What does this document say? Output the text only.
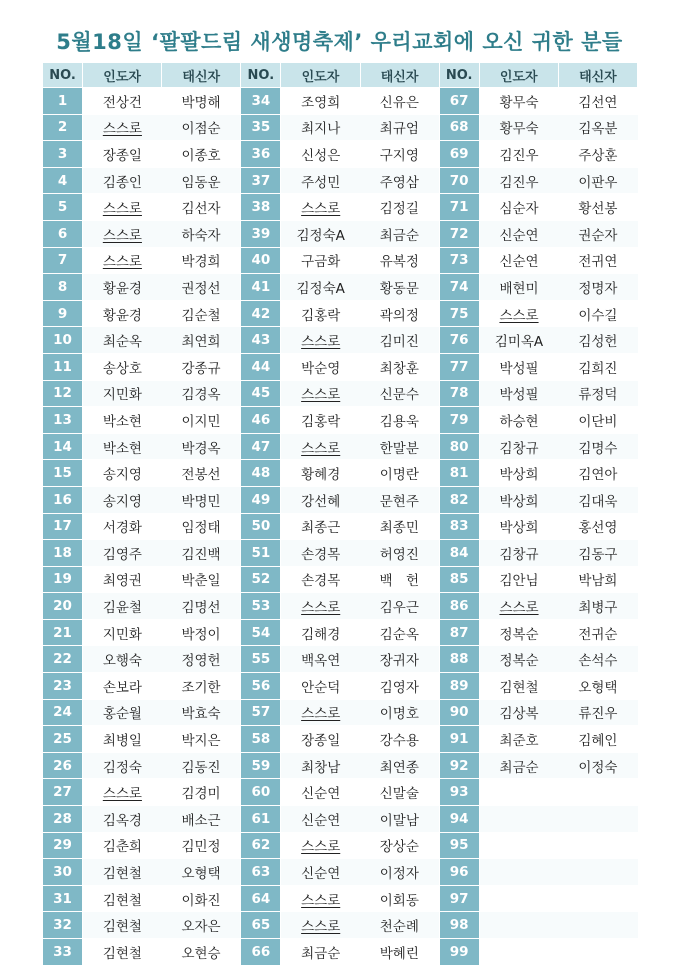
5월18일 ‘팔팔드림 새생명축제’ 우리교회에 오신 귀한 분들
NO.	인도자	태신자	NO.	인도자	태신자	NO.	인도자	태신자
1	전상건	박명해	34	조영희	신유은	67	황무숙	김선연
2	스스로	이점순	35	최지나	최규엄	68	황무숙	김옥분
3	장종일	이종호	36	신성은	구지영	69	김진우	주상훈
4	김종인	임동운	37	주성민	주영삼	70	김진우	이판우
5	스스로	김선자	38	스스로	김정길	71	심순자	황선봉
6	스스로	하숙자	39	김정숙A	최금순	72	신순연	권순자
7	스스로	박경희	40	구금화	유복정	73	신순연	전귀연
8	황윤경	권정선	41	김정숙A	황동문	74	배현미	정명자
9	황윤경	김순철	42	김홍락	곽의정	75	스스로	이수길
10	최순옥	최연희	43	스스로	김미진	76	김미옥A	김성헌
11	송상호	강종규	44	박순영	최창훈	77	박성필	김희진
12	지민화	김경옥	45	스스로	신문수	78	박성필	류정덕
13	박소현	이지민	46	김홍락	김용욱	79	하승현	이단비
14	박소현	박경옥	47	스스로	한말분	80	김창규	김명수
15	송지영	전봉선	48	황혜경	이명란	81	박상희	김연아
16	송지영	박명민	49	강선혜	문현주	82	박상희	김대욱
17	서경화	임정태	50	최종근	최종민	83	박상희	홍선영
18	김영주	김진백	51	손경목	허영진	84	김창규	김동구
19	최영권	박춘일	52	손경목	백　헌	85	김안님	박남희
20	김윤철	김명선	53	스스로	김우근	86	스스로	최병구
21	지민화	박정이	54	김해경	김순옥	87	정복순	전귀순
22	오행숙	정영헌	55	백옥연	장귀자	88	정복순	손석수
23	손보라	조기한	56	안순덕	김영자	89	김현철	오형택
24	홍순월	박효숙	57	스스로	이명호	90	김상복	류진우
25	최병일	박지은	58	장종일	강수용	91	최준호	김혜인
26	김정숙	김동진	59	최창남	최연종	92	최금순	이정숙
27	스스로	김경미	60	신순연	신말술	93		
28	김옥경	배소근	61	신순연	이말남	94		
29	김춘희	김민정	62	스스로	장상순	95		
30	김현철	오형택	63	신순연	이정자	96		
31	김현철	이화진	64	스스로	이회동	97		
32	김현철	오자은	65	스스로	천순례	98		
33	김현철	오현승	66	최금순	박혜린	99		
